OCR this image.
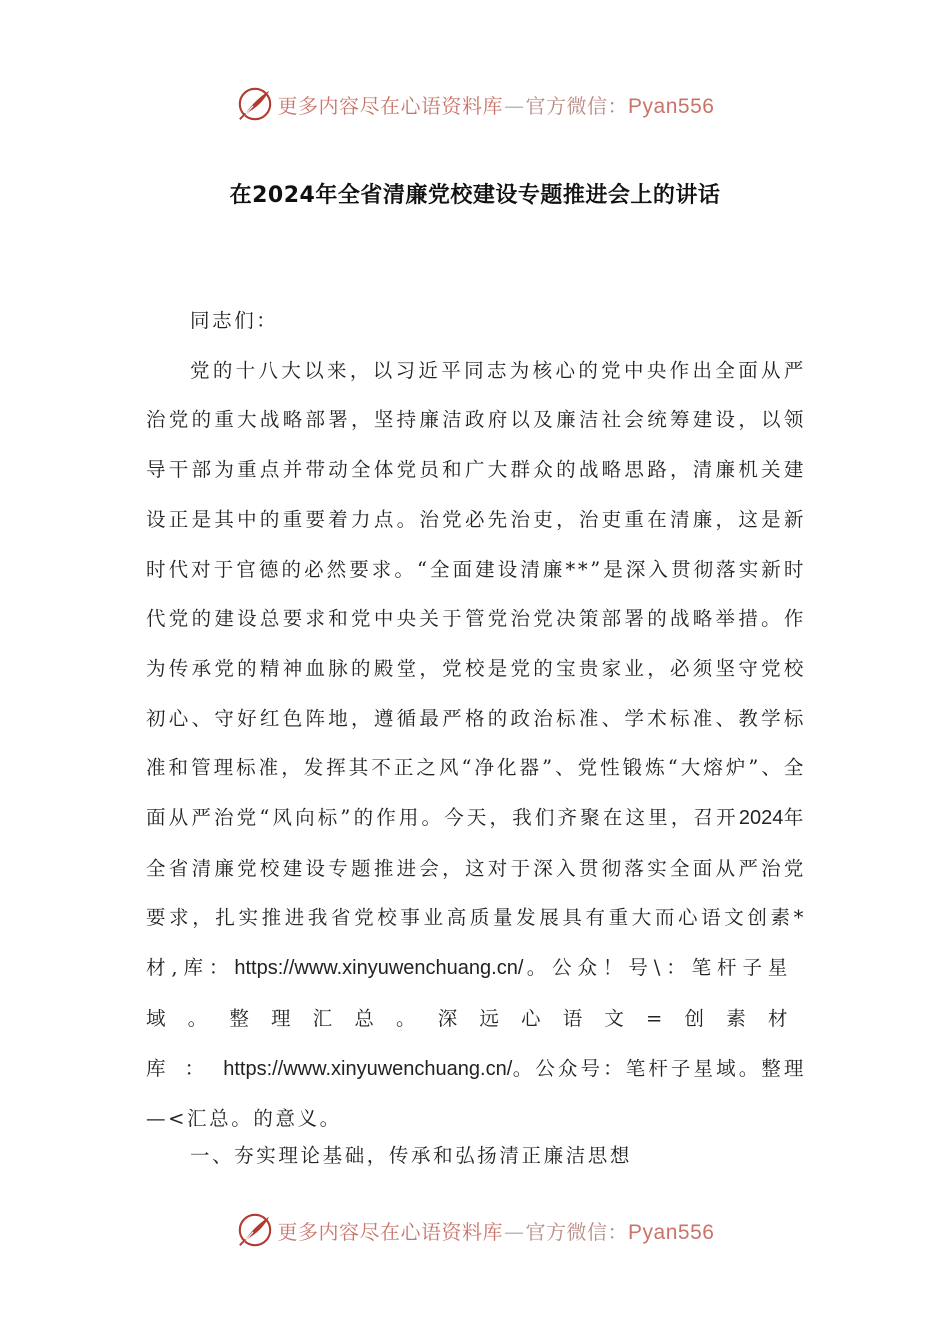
更多内容尽在心语资料库—官方微信：Pyan556
在2024年全省清廉党校建设专题推进会上的讲话

同志们：

党的十八大以来，以习近平同志为核心的党中央作出全面从严治党的重大战略部署，坚持廉洁政府以及廉洁社会统筹建设，以领导干部为重点并带动全体党员和广大群众的战略思路，清廉机关建设正是其中的重要着力点。治党必先治吏，治吏重在清廉，这是新时代对于官德的必然要求。“全面建设清廉**”是深入贯彻落实新时代党的建设总要求和党中央关于管党治党决策部署的战略举措。作为传承党的精神血脉的殿堂，党校是党的宝贵家业，必须坚守党校初心、守好红色阵地，遵循最严格的政治标准、学术标准、教学标准和管理标准，发挥其不正之风“净化器”、党性锻炼“大熔炉”、全面从严治党“风向标”的作用。今天，我们齐聚在这里，召开2024年全省清廉党校建设专题推进会，这对于深入贯彻落实全面从严治党要求，扎实推进我省党校事业高质量发展具有重大而心语文创素*材,库：https://www.xinyuwenchuang.cn/。公众！号\：笔杆子星域。整理汇总。深远心语文=创素材库：https://www.xinyuwenchuang.cn/。公众号：笔杆子星域。整理—<汇总。的意义。

一、夯实理论基础，传承和弘扬清正廉洁思想
更多内容尽在心语资料库—官方微信：Pyan556
